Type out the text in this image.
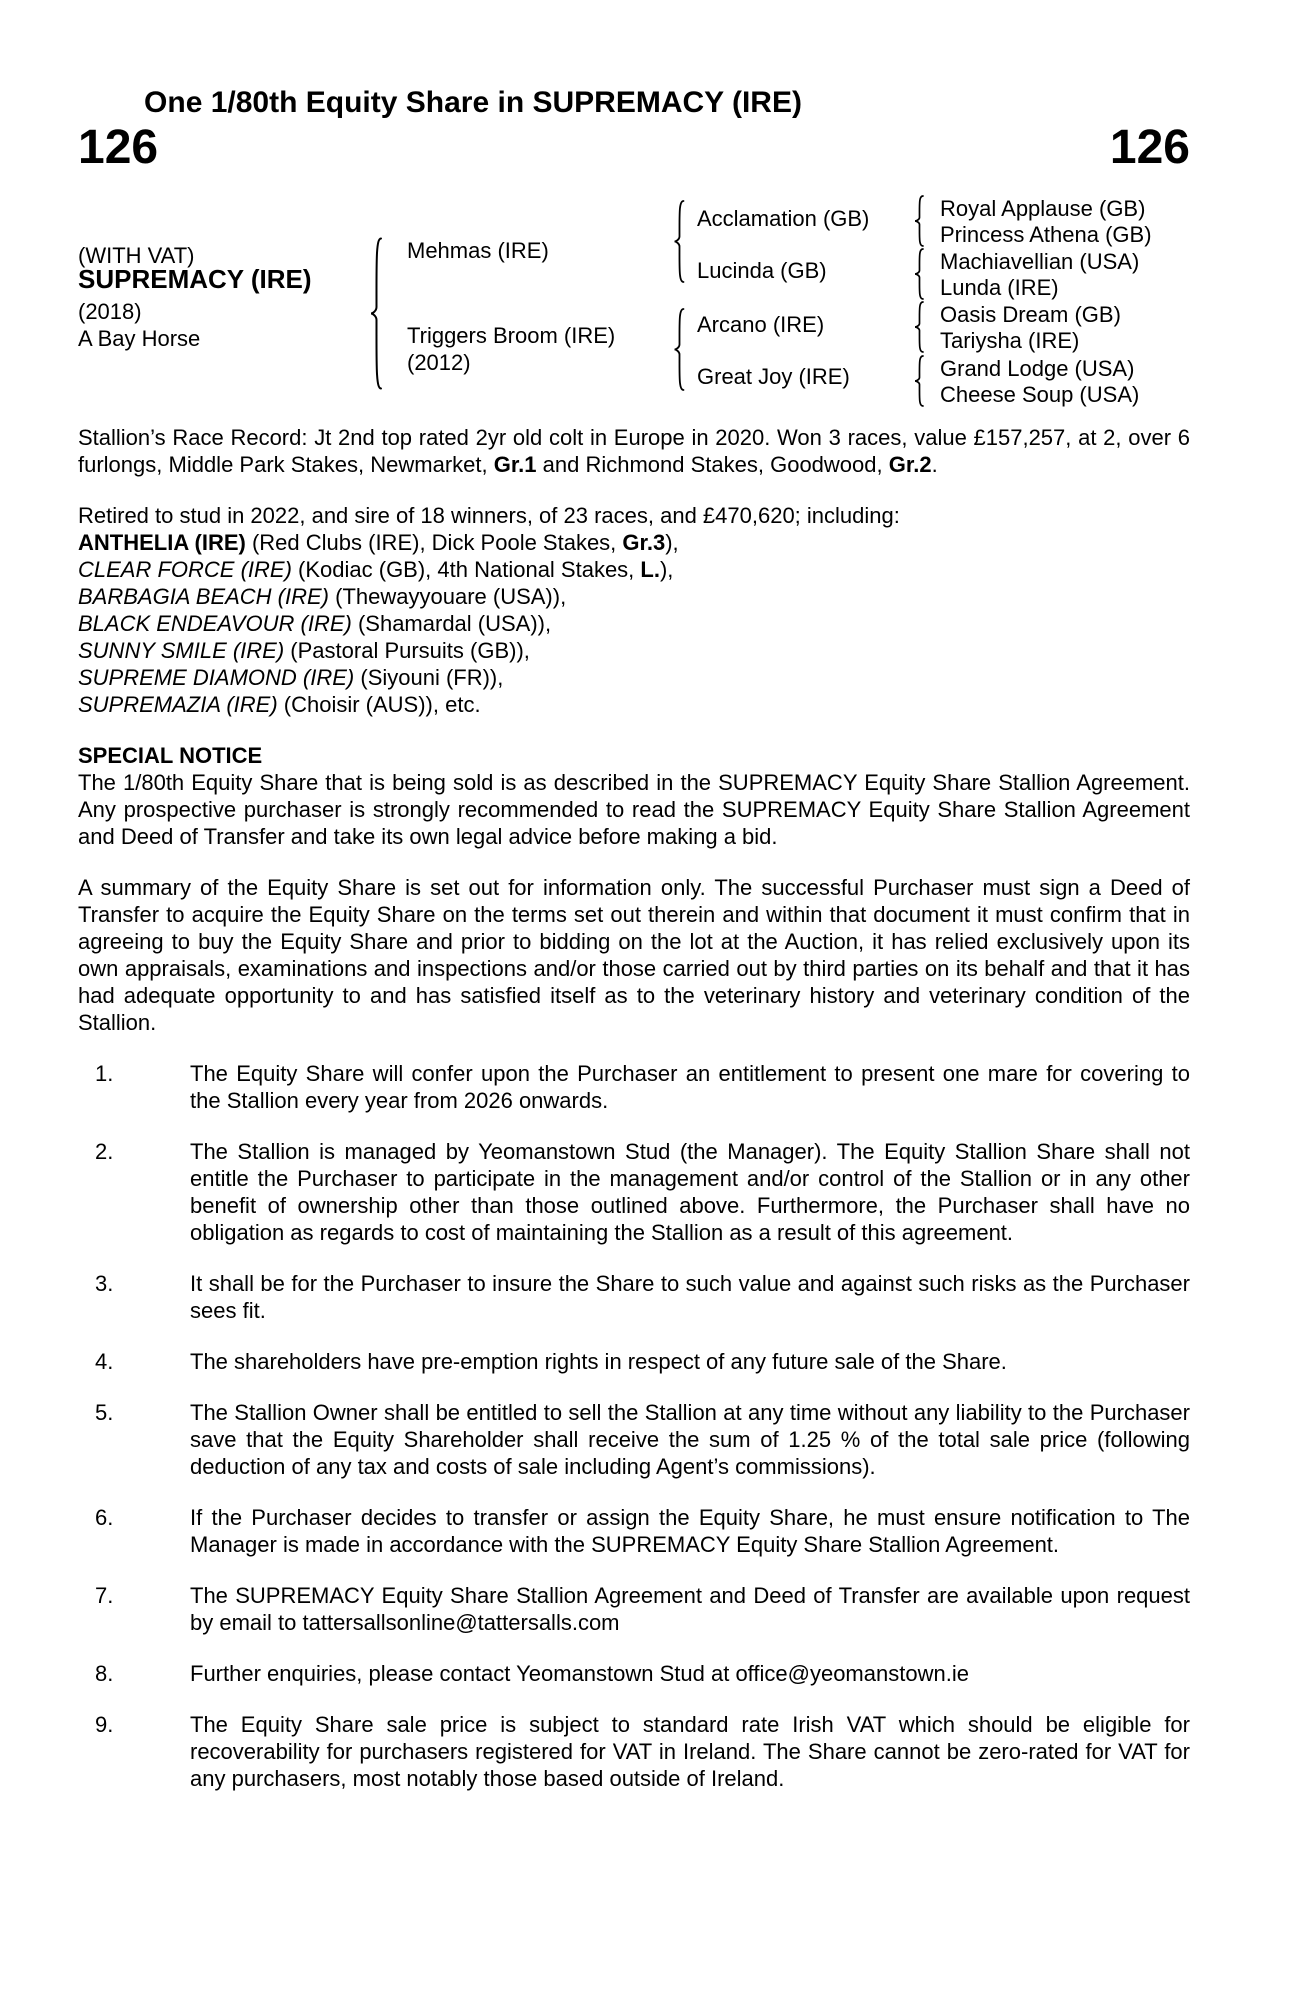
One 1/80th Equity Share in SUPREMACY (IRE)
126	126
(WITH VAT)
SUPREMACY (IRE)
(2018)
A Bay Horse
Mehmas (IRE)
Triggers Broom (IRE)
(2012)
Acclamation (GB)
Lucinda (GB)
Arcano (IRE)
Great Joy (IRE)
Royal Applause (GB)
Princess Athena (GB)
Machiavellian (USA)
Lunda (IRE)
Oasis Dream (GB)
Tariysha (IRE)
Grand Lodge (USA)
Cheese Soup (USA)
Stallion’s Race Record: Jt 2nd top rated 2yr old colt in Europe in 2020. Won 3 races, value £157,257, at 2, over 6 furlongs, Middle Park Stakes, Newmarket, Gr.1 and Richmond Stakes, Goodwood, Gr.2.
Retired to stud in 2022, and sire of 18 winners, of 23 races, and £470,620; including:
ANTHELIA (IRE) (Red Clubs (IRE), Dick Poole Stakes, Gr.3),
CLEAR FORCE (IRE) (Kodiac (GB), 4th National Stakes, L.),
BARBAGIA BEACH (IRE) (Thewayyouare (USA)),
BLACK ENDEAVOUR (IRE) (Shamardal (USA)),
SUNNY SMILE (IRE) (Pastoral Pursuits (GB)),
SUPREME DIAMOND (IRE) (Siyouni (FR)),
SUPREMAZIA (IRE) (Choisir (AUS)), etc.
SPECIAL NOTICE
The 1/80th Equity Share that is being sold is as described in the SUPREMACY Equity Share Stallion Agreement. Any prospective purchaser is strongly recommended to read the SUPREMACY Equity Share Stallion Agreement and Deed of Transfer and take its own legal advice before making a bid.
A summary of the Equity Share is set out for information only. The successful Purchaser must sign a Deed of Transfer to acquire the Equity Share on the terms set out therein and within that document it must confirm that in agreeing to buy the Equity Share and prior to bidding on the lot at the Auction, it has relied exclusively upon its own appraisals, examinations and inspections and/or those carried out by third parties on its behalf and that it has had adequate opportunity to and has satisfied itself as to the veterinary history and veterinary condition of the Stallion.
1.	The Equity Share will confer upon the Purchaser an entitlement to present one mare for covering to the Stallion every year from 2026 onwards.
2.	The Stallion is managed by Yeomanstown Stud (the Manager). The Equity Stallion Share shall not entitle the Purchaser to participate in the management and/or control of the Stallion or in any other benefit of ownership other than those outlined above. Furthermore, the Purchaser shall have no obligation as regards to cost of maintaining the Stallion as a result of this agreement.
3.	It shall be for the Purchaser to insure the Share to such value and against such risks as the Purchaser sees fit.
4.	The shareholders have pre-emption rights in respect of any future sale of the Share.
5.	The Stallion Owner shall be entitled to sell the Stallion at any time without any liability to the Purchaser save that the Equity Shareholder shall receive the sum of 1.25 % of the total sale price (following deduction of any tax and costs of sale including Agent’s commissions).
6.	If the Purchaser decides to transfer or assign the Equity Share, he must ensure notification to The Manager is made in accordance with the SUPREMACY Equity Share Stallion Agreement.
7.	The SUPREMACY Equity Share Stallion Agreement and Deed of Transfer are available upon request by email to tattersallsonline@tattersalls.com
8.	Further enquiries, please contact Yeomanstown Stud at office@yeomanstown.ie
9.	The Equity Share sale price is subject to standard rate Irish VAT which should be eligible for recoverability for purchasers registered for VAT in Ireland. The Share cannot be zero-rated for VAT for any purchasers, most notably those based outside of Ireland.
